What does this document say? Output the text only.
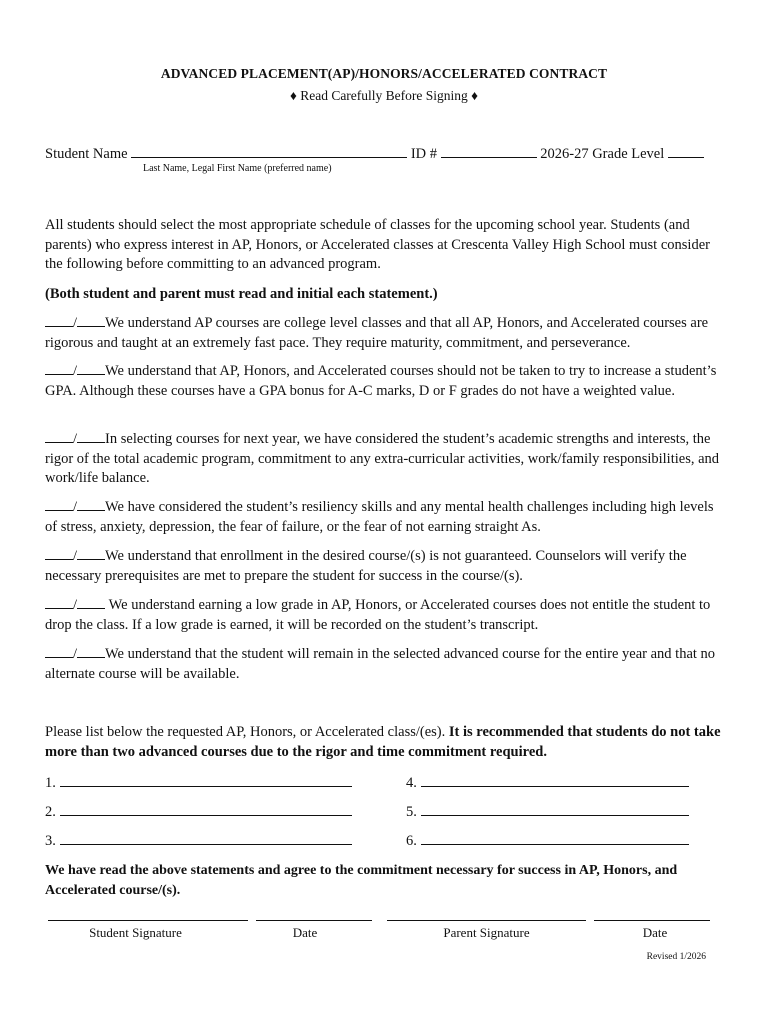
ADVANCED PLACEMENT(AP)/HONORS/ACCELERATED CONTRACT
♦ Read Carefully Before Signing ♦
Student Name	ID #	2026-27 Grade Level
Last Name, Legal First Name (preferred name)
All students should select the most appropriate schedule of classes for the upcoming school year. Students (and parents) who express interest in AP, Honors, or Accelerated classes at Crescenta Valley High School must consider the following before committing to an advanced program.
(Both student and parent must read and initial each statement.)
/ We understand AP courses are college level classes and that all AP, Honors, and Accelerated courses are rigorous and taught at an extremely fast pace. They require maturity, commitment, and perseverance.
/ We understand that AP, Honors, and Accelerated courses should not be taken to try to increase a student’s GPA. Although these courses have a GPA bonus for A-C marks, D or F grades do not have a weighted value.
/ In selecting courses for next year, we have considered the student’s academic strengths and interests, the rigor of the total academic program, commitment to any extra-curricular activities, work/family responsibilities, and work/life balance.
/ We have considered the student’s resiliency skills and any mental health challenges including high levels of stress, anxiety, depression, the fear of failure, or the fear of not earning straight As.
/ We understand that enrollment in the desired course/(s) is not guaranteed. Counselors will verify the necessary prerequisites are met to prepare the student for success in the course/(s).
/ We understand earning a low grade in AP, Honors, or Accelerated courses does not entitle the student to drop the class. If a low grade is earned, it will be recorded on the student’s transcript.
/ We understand that the student will remain in the selected advanced course for the entire year and that no alternate course will be available.
Please list below the requested AP, Honors, or Accelerated class/(es). It is recommended that students do not take more than two advanced courses due to the rigor and time commitment required.
1.
2.
3.
4.
5.
6.
We have read the above statements and agree to the commitment necessary for success in AP, Honors, and Accelerated course/(s).
Student Signature	Date	Parent Signature	Date
Revised 1/2026
